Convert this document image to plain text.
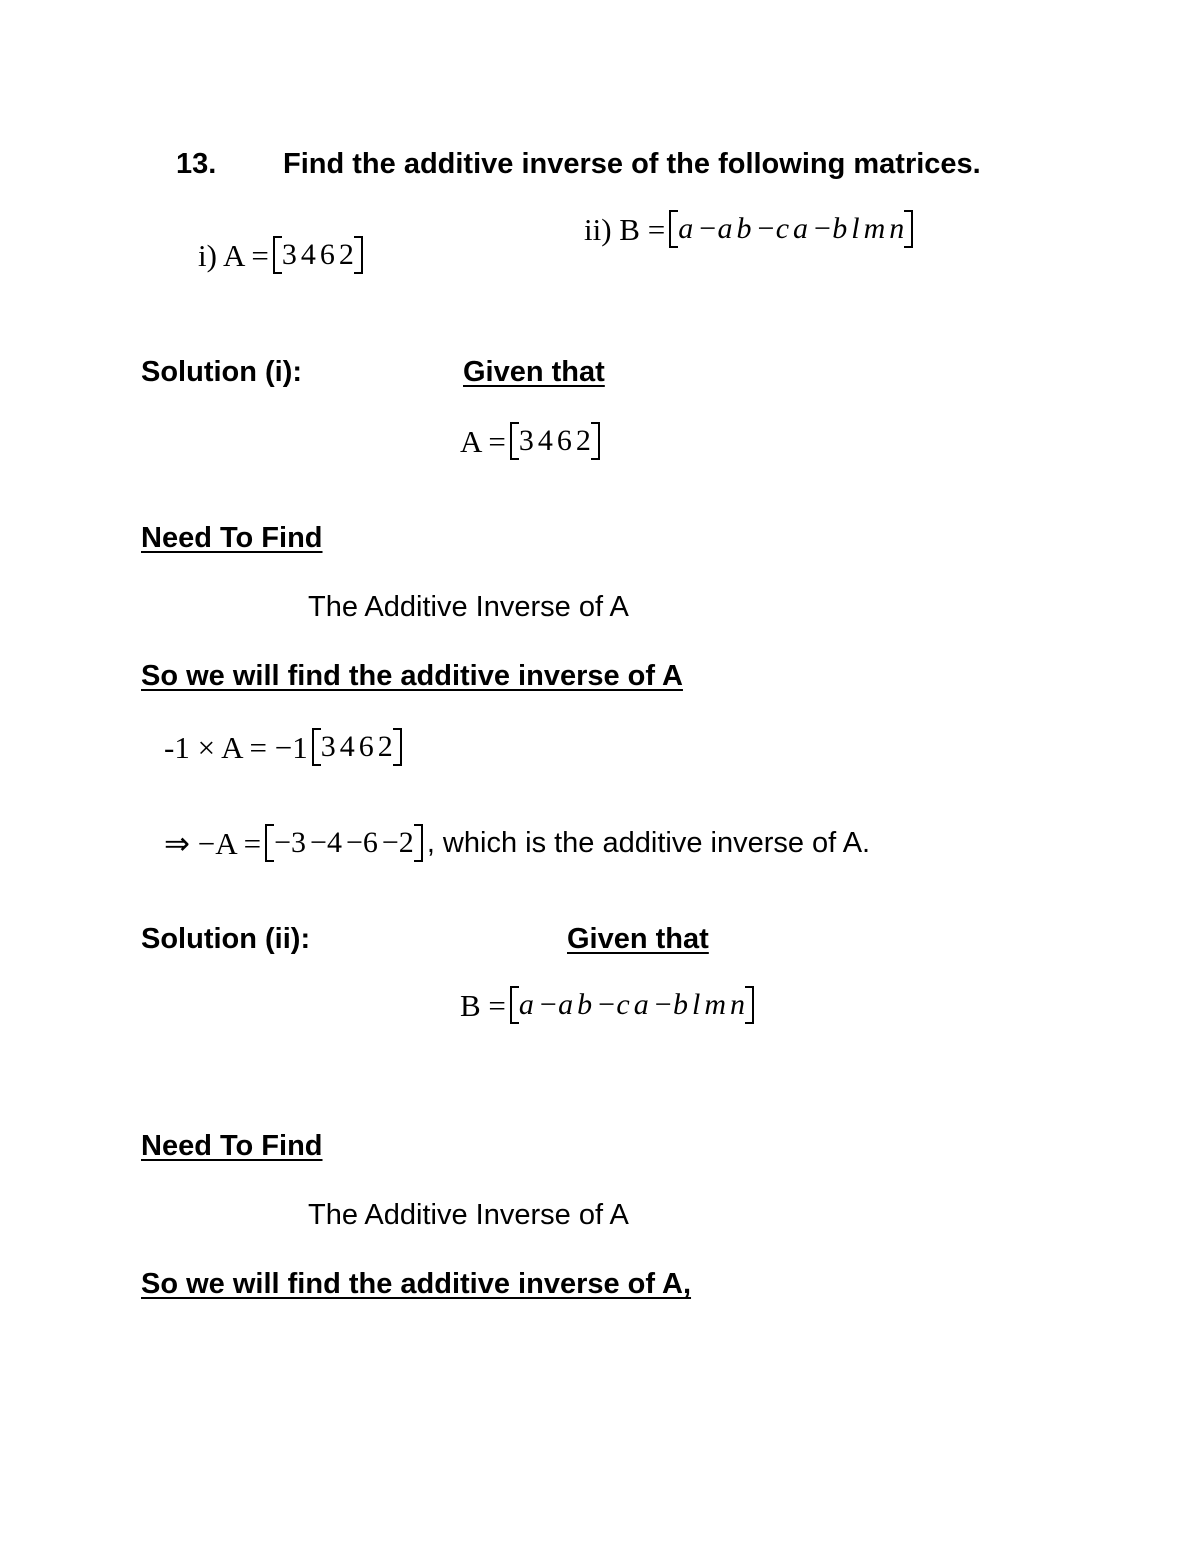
13. Find the additive inverse of the following matrices.
i) A = 3 4 6 2
ii) B = a −a b −c a −b l m n
Solution (i):	Given that
A = 3 4 6 2
Need To Find
The Additive Inverse of A
So we will find the additive inverse of A
-1 × A = −1 3 4 6 2
⇒ −A = −3 −4 −6 −2 , which is the additive inverse of A.
Solution (ii):	Given that
B = a −a b −c a −b l m n
Need To Find
The Additive Inverse of A
So we will find the additive inverse of A,
